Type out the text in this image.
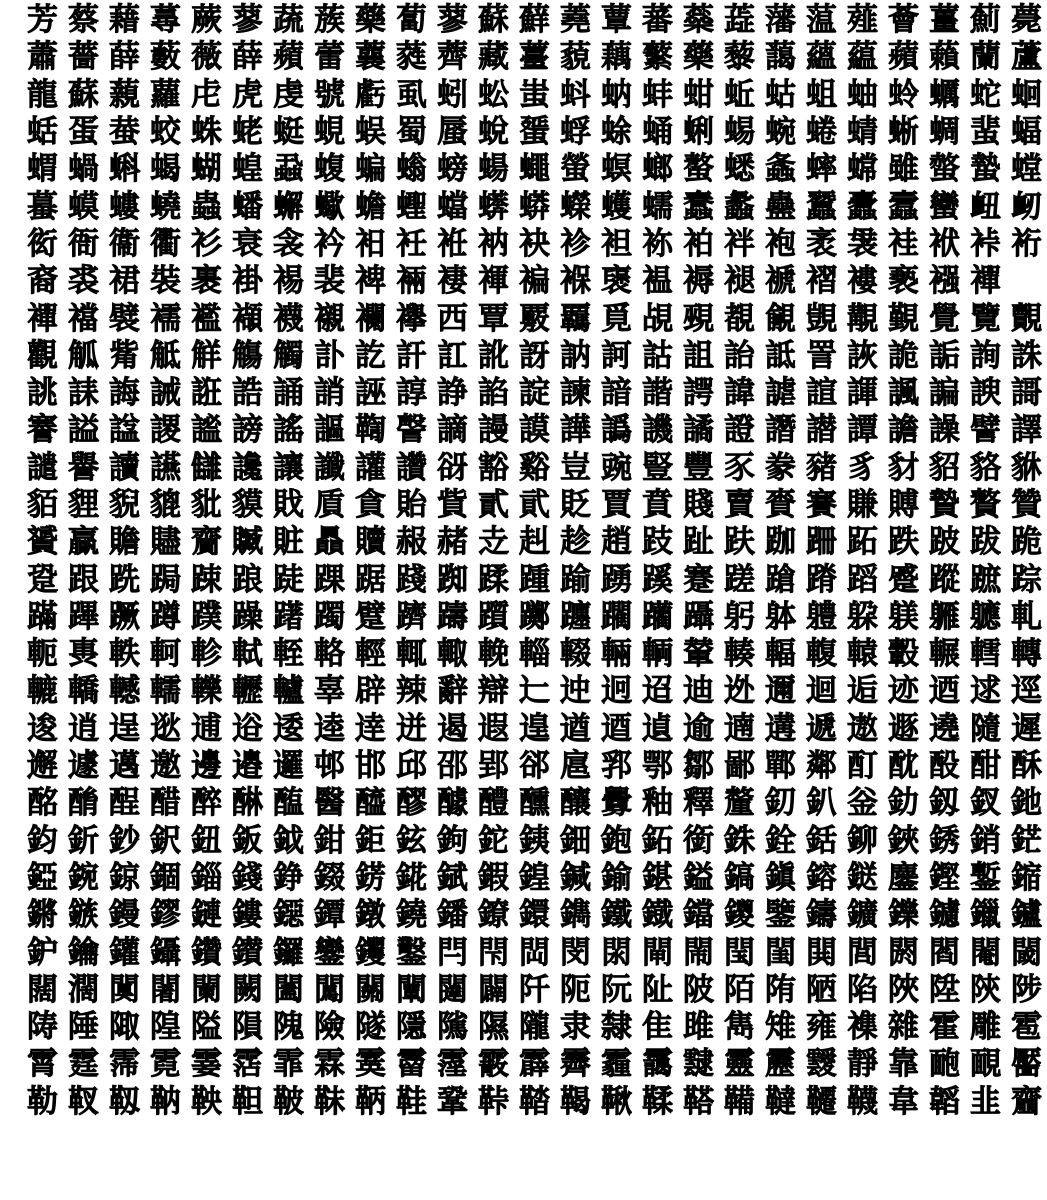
芳 蔡 藉 蕁 蕨 蓼 蔬 蔟 藥 蔔 蓼 蘇 蘚 蕘 蕈 蕃 蘂 蕋 藩 蕰 薤 薈 薑 薊 薨
蕭 薔 薛 藪 薇 薛 蘋 蕾 蘘 蕤 薺 藏 薹 藐 藕 蘩 藥 藜 藹 蘊 藴 蘋 藾 蘭 蘆
龍 蘇 藽 蘿 虍 虎 虔 號 虧 虱 蚓 蚣 蚩 蚪 蚋 蚌 蚶 蚯 蛄 蛆 蚰 蛉 蠣 蛇 蛔
蛞 蛋 蛬 蛟 蛛 蛯 蜓 蜆 蜈 蜀 蜃 蛻 蜑 蜉 蜍 蛹 蜊 蜴 蜿 蜷 蜻 蜥 蜩 蜚 蝠
蝟 蝸 蝌 蝎 蝴 蝗 蝨 蝮 蝙 螉 螃 蝪 蠅 螢 螟 螂 螯 蟋 螽 蟀 蟐 雖 螫 蟄 螳
蟇 蟆 螻 蟯 蟲 蟠 蠏 蠍 蟾 蟶 蟷 蠎 蟒 蠑 蠖 蠕 蠢 蠡 蠱 蠶 蠹 蠧 蠻 衄 衂
衒 衙 衞 衢 衫 衰 衾 衿 衵 衽 袵 衲 袂 袗 袒 袮 袙 袢 袍 袤 袰 袿 袱 裃 裄
裔 裘 裙 裝 裹 褂 裼 裴 裨 裲 褄 褌 褊 褓 襃 褞 褥 褪 褫 褶 褸 褻 襁 襌
襌 襠 襞 襦 襤 襭 襪 襯 襴 襷 西 覃 覈 覊 覓 覘 覡 覩 覦 覬 覯 覲 覺 覽 覿
觀 觚 觜 觝 觧 觴 觸 訃 訖 訐 訌 訛 訝 訥 訶 詁 詛 詒 詆 詈 詼 詭 詬 詢 誅
誂 誄 誨 誡 誑 誥 誦 誚 誣 諄 諍 諂 諚 諫 諳 諧 諤 諱 謔 諠 諢 諷 諞 諛 謌
謇 謚 諡 謖 謐 謗 謠 謳 鞫 謦 謫 謾 謨 譁 譌 譏 譎 證 譖 譛 譚 譫 譟 譬 譯
譴 譽 讀 讌 讎 讒 讓 讖 讙 讚 谺 豁 谿 豈 豌 豎 豐 豕 豢 豬 豸 豺 貂 貉 貅
貊 貍 貎 貔 豼 貘 戝 貭 貪 貽 貲 貳 貮 貶 賈 賁 賤 賣 賚 賽 賺 賻 贄 贅 贊
贇 贏 贍 贐 齎 贓 賍 贔 贖 赧 赭 赱 赳 趁 趙 跂 趾 趺 跏 跚 跖 跌 跛 跋 跪
跫 跟 跣 跼 踈 踉 跿 踝 踞 踐 踟 蹂 踵 踰 踴 蹊 蹇 蹉 蹌 蹐 蹈 蹙 蹤 蹠 踪
蹣 蹕 蹶 蹲 蹼 躁 躇 躅 躄 躋 躊 躓 躑 躔 躙 躪 躡 躬 躰 軆 躱 躾 軅 軈 軋
軛 軣 軼 軻 軫 軾 輊 輅 輕 輒 輙 輓 輜 輟 輛 輌 輦 輳 輻 輹 轅 轂 輾 轌 轉
轆 轎 轗 轜 轢 轣 轤 辜 辟 辣 辭 辯 辷 迚 迥 迢 迪 迯 邇 迴 逅 迹 迺 逑 逕
逡 逍 逞 逖 逋 逧 逶 逵 逹 迸 遏 遐 遑 遒 逎 遉 逾 遖 遘 遞 遨 遯 遶 隨 遲
邂 遽 邁 邀 邊 邉 邏 邨 邯 邱 邵 郢 郤 扈 郛 鄂 鄒 鄙 鄲 鄰 酊 酖 酘 酣 酥
酩 酳 酲 醋 醉 醂 醢 醫 醯 醪 醵 醴 醺 釀 釁 釉 釋 釐 釖 釟 釡 釛 釼 釵 釶
鈞 釿 鈔 鈬 鈕 鈑 鉞 鉗 鉅 鉉 鉤 鉈 銕 鈿 鉋 鉐 銜 銖 銓 銛 鉚 鋏 銹 銷 鋩
錏 鋺 鍄 錮 錙 錢 錚 錣 錺 錵 錻 鍜 鍠 鍼 鍮 鍖 鎰 鎬 鎭 鎔 鎹 鏖 鏗 鏨 鏥
鏘 鏃 鏝 鏐 鏈 鏤 鐚 鐔 鐓 鐃 鐇 鐐 鐶 鐫 鐵 鐡 鐺 鑁 鑒 鑄 鑛 鑠 鑢 鑞 鑪
鈩 鑰 鑵 鑷 鑽 鑚 鑼 鑾 钁 鑿 閂 閇 閊 閔 閖 閘 閙 閠 閨 閧 閭 閼 閻 閹 閾
闊 濶 闃 闍 闌 闕 闔 闖 關 闡 闥 闢 阡 阨 阮 阯 陂 陌 陏 陋 陷 陜 陞 陝 陟
陦 陲 陬 隍 隘 隕 隗 險 隧 隱 隲 隰 隴 隶 隸 隹 雎 雋 雉 雍 襍 雜 霍 雕 雹
霄 霆 霈 霓 霎 霑 霏 霖 霙 霤 霪 霰 霹 霽 霾 靄 靆 靈 靂 靉 靜 靠 靤 靦 靨
勒 靫 靱 靹 鞅 靼 鞁 靺 鞆 鞋 鞏 鞐 鞜 鞨 鞦 鞣 鞳 鞴 韃 韆 韈 韋 韜 韭 齏
